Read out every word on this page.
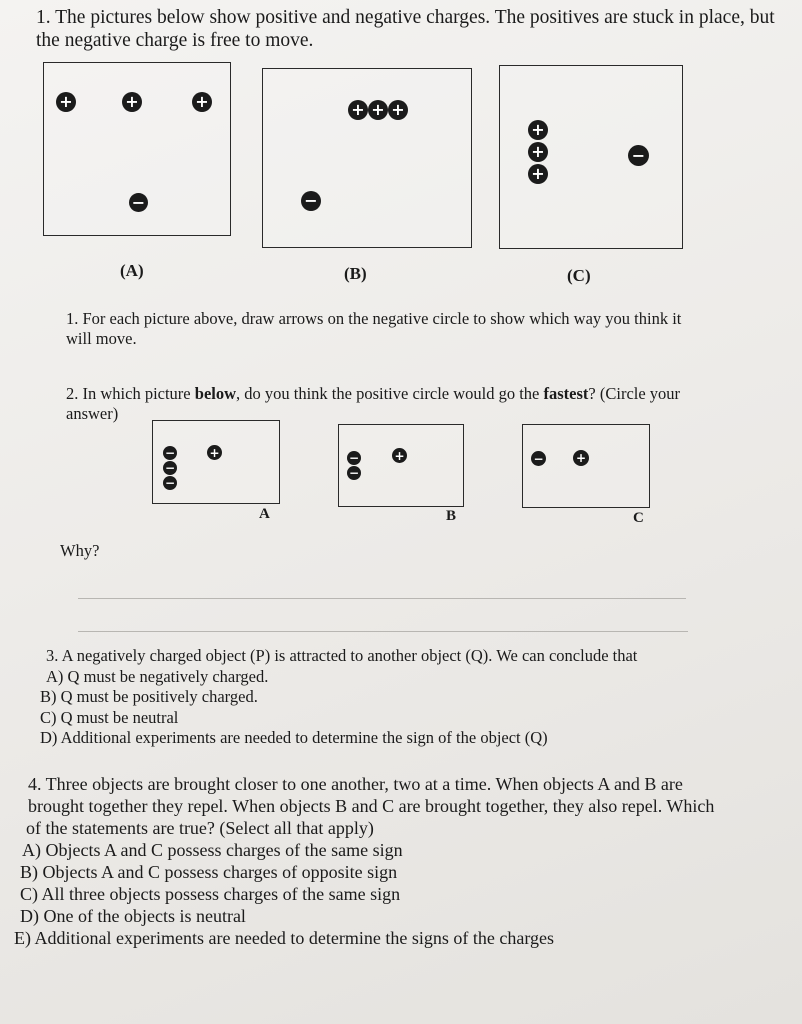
1. The pictures below show positive and negative charges. The positives are stuck in place, but
the negative charge is free to move.
+	+	+
−
(A)
+ + +
−
(B)
+
+
+
−
(C)
1. For each picture above, draw arrows on the negative circle to show which way you think it
will move.
2. In which picture below, do you think the positive circle would go the fastest? (Circle your
answer)
−
−
−
+
A
−
−
+
B
−	+
C
Why?
3. A negatively charged object (P) is attracted to another object (Q). We can conclude that
A) Q must be negatively charged.
B) Q must be positively charged.
C) Q must be neutral
D) Additional experiments are needed to determine the sign of the object (Q)
4. Three objects are brought closer to one another, two at a time. When objects A and B are
brought together they repel. When objects B and C are brought together, they also repel. Which
of the statements are true? (Select all that apply)
A) Objects A and C possess charges of the same sign
B) Objects A and C possess charges of opposite sign
C) All three objects possess charges of the same sign
D) One of the objects is neutral
E) Additional experiments are needed to determine the signs of the charges
